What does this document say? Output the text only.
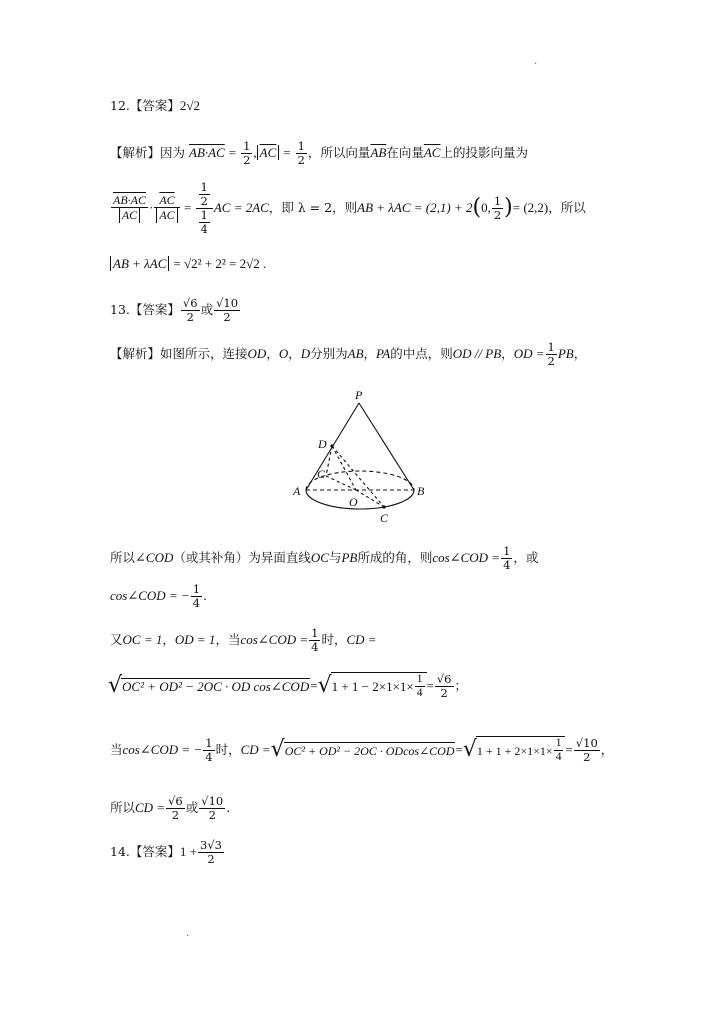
.
.
12.【答案】2√2
【解析】因为 $AB\cdot AC = \frac{1}{2}$ , $\overline{AC} = \frac{1}{2}$ ，所以向量$\overline{AB}$在向量$\overline{AC}$上的投影向量为
$\frac{AB\cdot AC}{AC} \cdot \frac{\overline{AC}}{AC} = \frac{\frac{1}{2}}{\frac{1}{4}}$ AC = 2AC ，即 λ = 2，则 AB + λAC = (2,1) + 2 ( 0, $\frac{1}{2}$ ) = (2,2) ，所以
AB + λAC = √2² + 2² = 2√2 .
13. 【答案】 $\frac{√6}{2}$ 或 $\frac{√10}{2}$
【解析】 如图所示，连接 OD ， O ， D 分别为 AB ， PA 的中点，则 OD // PB ， OD = $\frac{1}{2}$ PB ，
P
D
C'
A	B
O
C
所以 ∠COD （或其补角）为异面直线 OC 与 PB 所成的角，则 cos∠COD = $\frac{1}{4}$ ，或
cos∠COD = − $\frac{1}{4}$ .
又 OC = 1 ， OD = 1 ，当 cos∠COD = $\frac{1}{4}$ 时， CD =
√ OC² + OD² − 2OC · OD cos∠COD = √ $1 + 1 - 2\times 1\times 1\times \frac{1}{4} = \frac{√6}{2}$ ；
当 cos∠COD = − $\frac{1}{4}$ 时， CD = √ OC² + OD² − 2OC · ODcos∠COD = √ $1 + 1 + 2\times 1\times 1\times \frac{1}{4} = \frac{√10}{2}$ ，
所以 CD = $\frac{√6}{2}$ 或 $\frac{√10}{2}$ .
14. 【答案】 $1 + \frac{3√3}{2}$
